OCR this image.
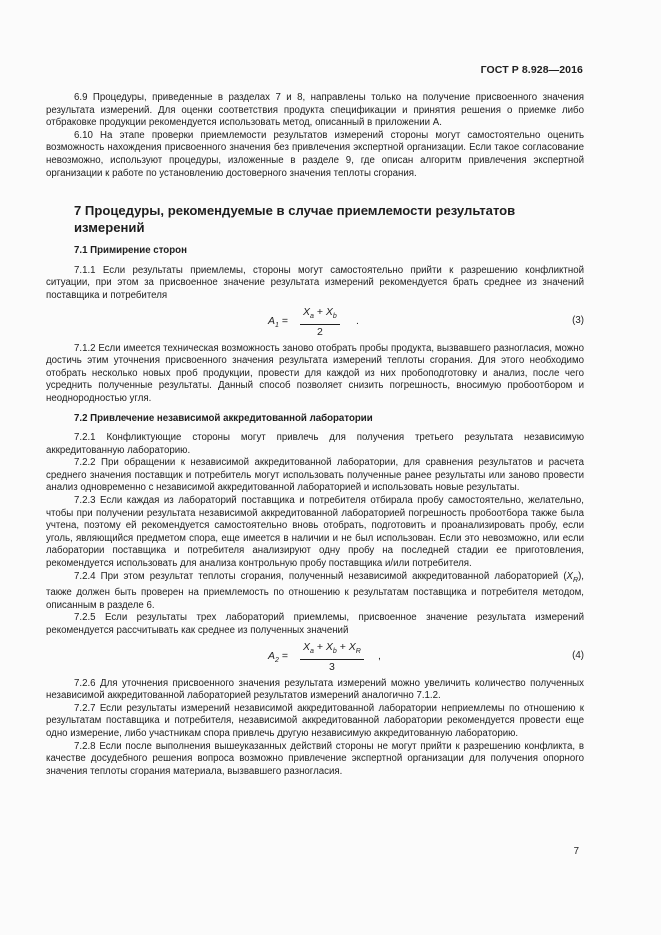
ГОСТ Р 8.928—2016

6.9 Процедуры, приведенные в разделах 7 и 8, направлены только на получение присвоенного значения результата измерений. Для оценки соответствия продукта спецификации и принятия решения о приемке либо отбраковке продукции рекомендуется использовать метод, описанный в приложении А.

6.10 На этапе проверки приемлемости результатов измерений стороны могут самостоятельно оценить возможность нахождения присвоенного значения без привлечения экспертной организации. Если такое согласование невозможно, используют процедуры, изложенные в разделе 9, где описан алгоритм привлечения экспертной организации к работе по установлению достоверного значения теплоты сгорания.

7 Процедуры, рекомендуемые в случае приемлемости результатов измерений
7.1 Примирение сторон

7.1.1 Если результаты приемлемы, стороны могут самостоятельно прийти к разрешению конфликтной ситуации, при этом за присвоенное значение результата измерений рекомендуется брать среднее из значений поставщика и потребителя

$A_1 = \frac{X_a + X_b}{2}$ .	(3)

7.1.2 Если имеется техническая возможность заново отобрать пробы продукта, вызвавшего разногласия, можно достичь этим уточнения присвоенного значения результата измерений теплоты сгорания. Для этого необходимо отобрать несколько новых проб продукции, провести для каждой из них пробоподготовку и анализ, после чего усреднить полученные результаты. Данный способ позволяет снизить погрешность, вносимую пробоотбором и неоднородностью угля.

7.2 Привлечение независимой аккредитованной лаборатории

7.2.1 Конфликтующие стороны могут привлечь для получения третьего результата независимую аккредитованную лабораторию.

7.2.2 При обращении к независимой аккредитованной лаборатории, для сравнения результатов и расчета среднего значения поставщик и потребитель могут использовать полученные ранее результаты или заново провести анализ одновременно с независимой аккредитованной лабораторией и использовать новые результаты.

7.2.3 Если каждая из лабораторий поставщика и потребителя отбирала пробу самостоятельно, желательно, чтобы при получении результата независимой аккредитованной лабораторией погрешность пробоотбора также была учтена, поэтому ей рекомендуется самостоятельно вновь отобрать, подготовить и проанализировать пробу, если уголь, являющийся предметом спора, еще имеется в наличии и не был использован. Если это невозможно, или если лаборатории поставщика и потребителя анализируют одну пробу на последней стадии ее приготовления, рекомендуется использовать для анализа контрольную пробу поставщика и/или потребителя.

7.2.4 При этом результат теплоты сгорания, полученный независимой аккредитованной лабораторией $(X_R)$, также должен быть проверен на приемлемость по отношению к результатам поставщика и потребителя методом, описанным в разделе 6.

7.2.5 Если результаты трех лабораторий приемлемы, присвоенное значение результата измерений рекомендуется рассчитывать как среднее из полученных значений

$A_2 = \frac{X_a + X_b + X_R}{3}$ ,	(4)

7.2.6 Для уточнения присвоенного значения результата измерений можно увеличить количество полученных независимой аккредитованной лабораторией результатов измерений аналогично 7.1.2.

7.2.7 Если результаты измерений независимой аккредитованной лаборатории неприемлемы по отношению к результатам поставщика и потребителя, независимой аккредитованной лаборатории рекомендуется провести еще одно измерение, либо участникам спора привлечь другую независимую аккредитованную лабораторию.

7.2.8 Если после выполнения вышеуказанных действий стороны не могут прийти к разрешению конфликта, в качестве досудебного решения вопроса возможно привлечение экспертной организации для получения опорного значения теплоты сгорания материала, вызвавшего разногласия.

7
